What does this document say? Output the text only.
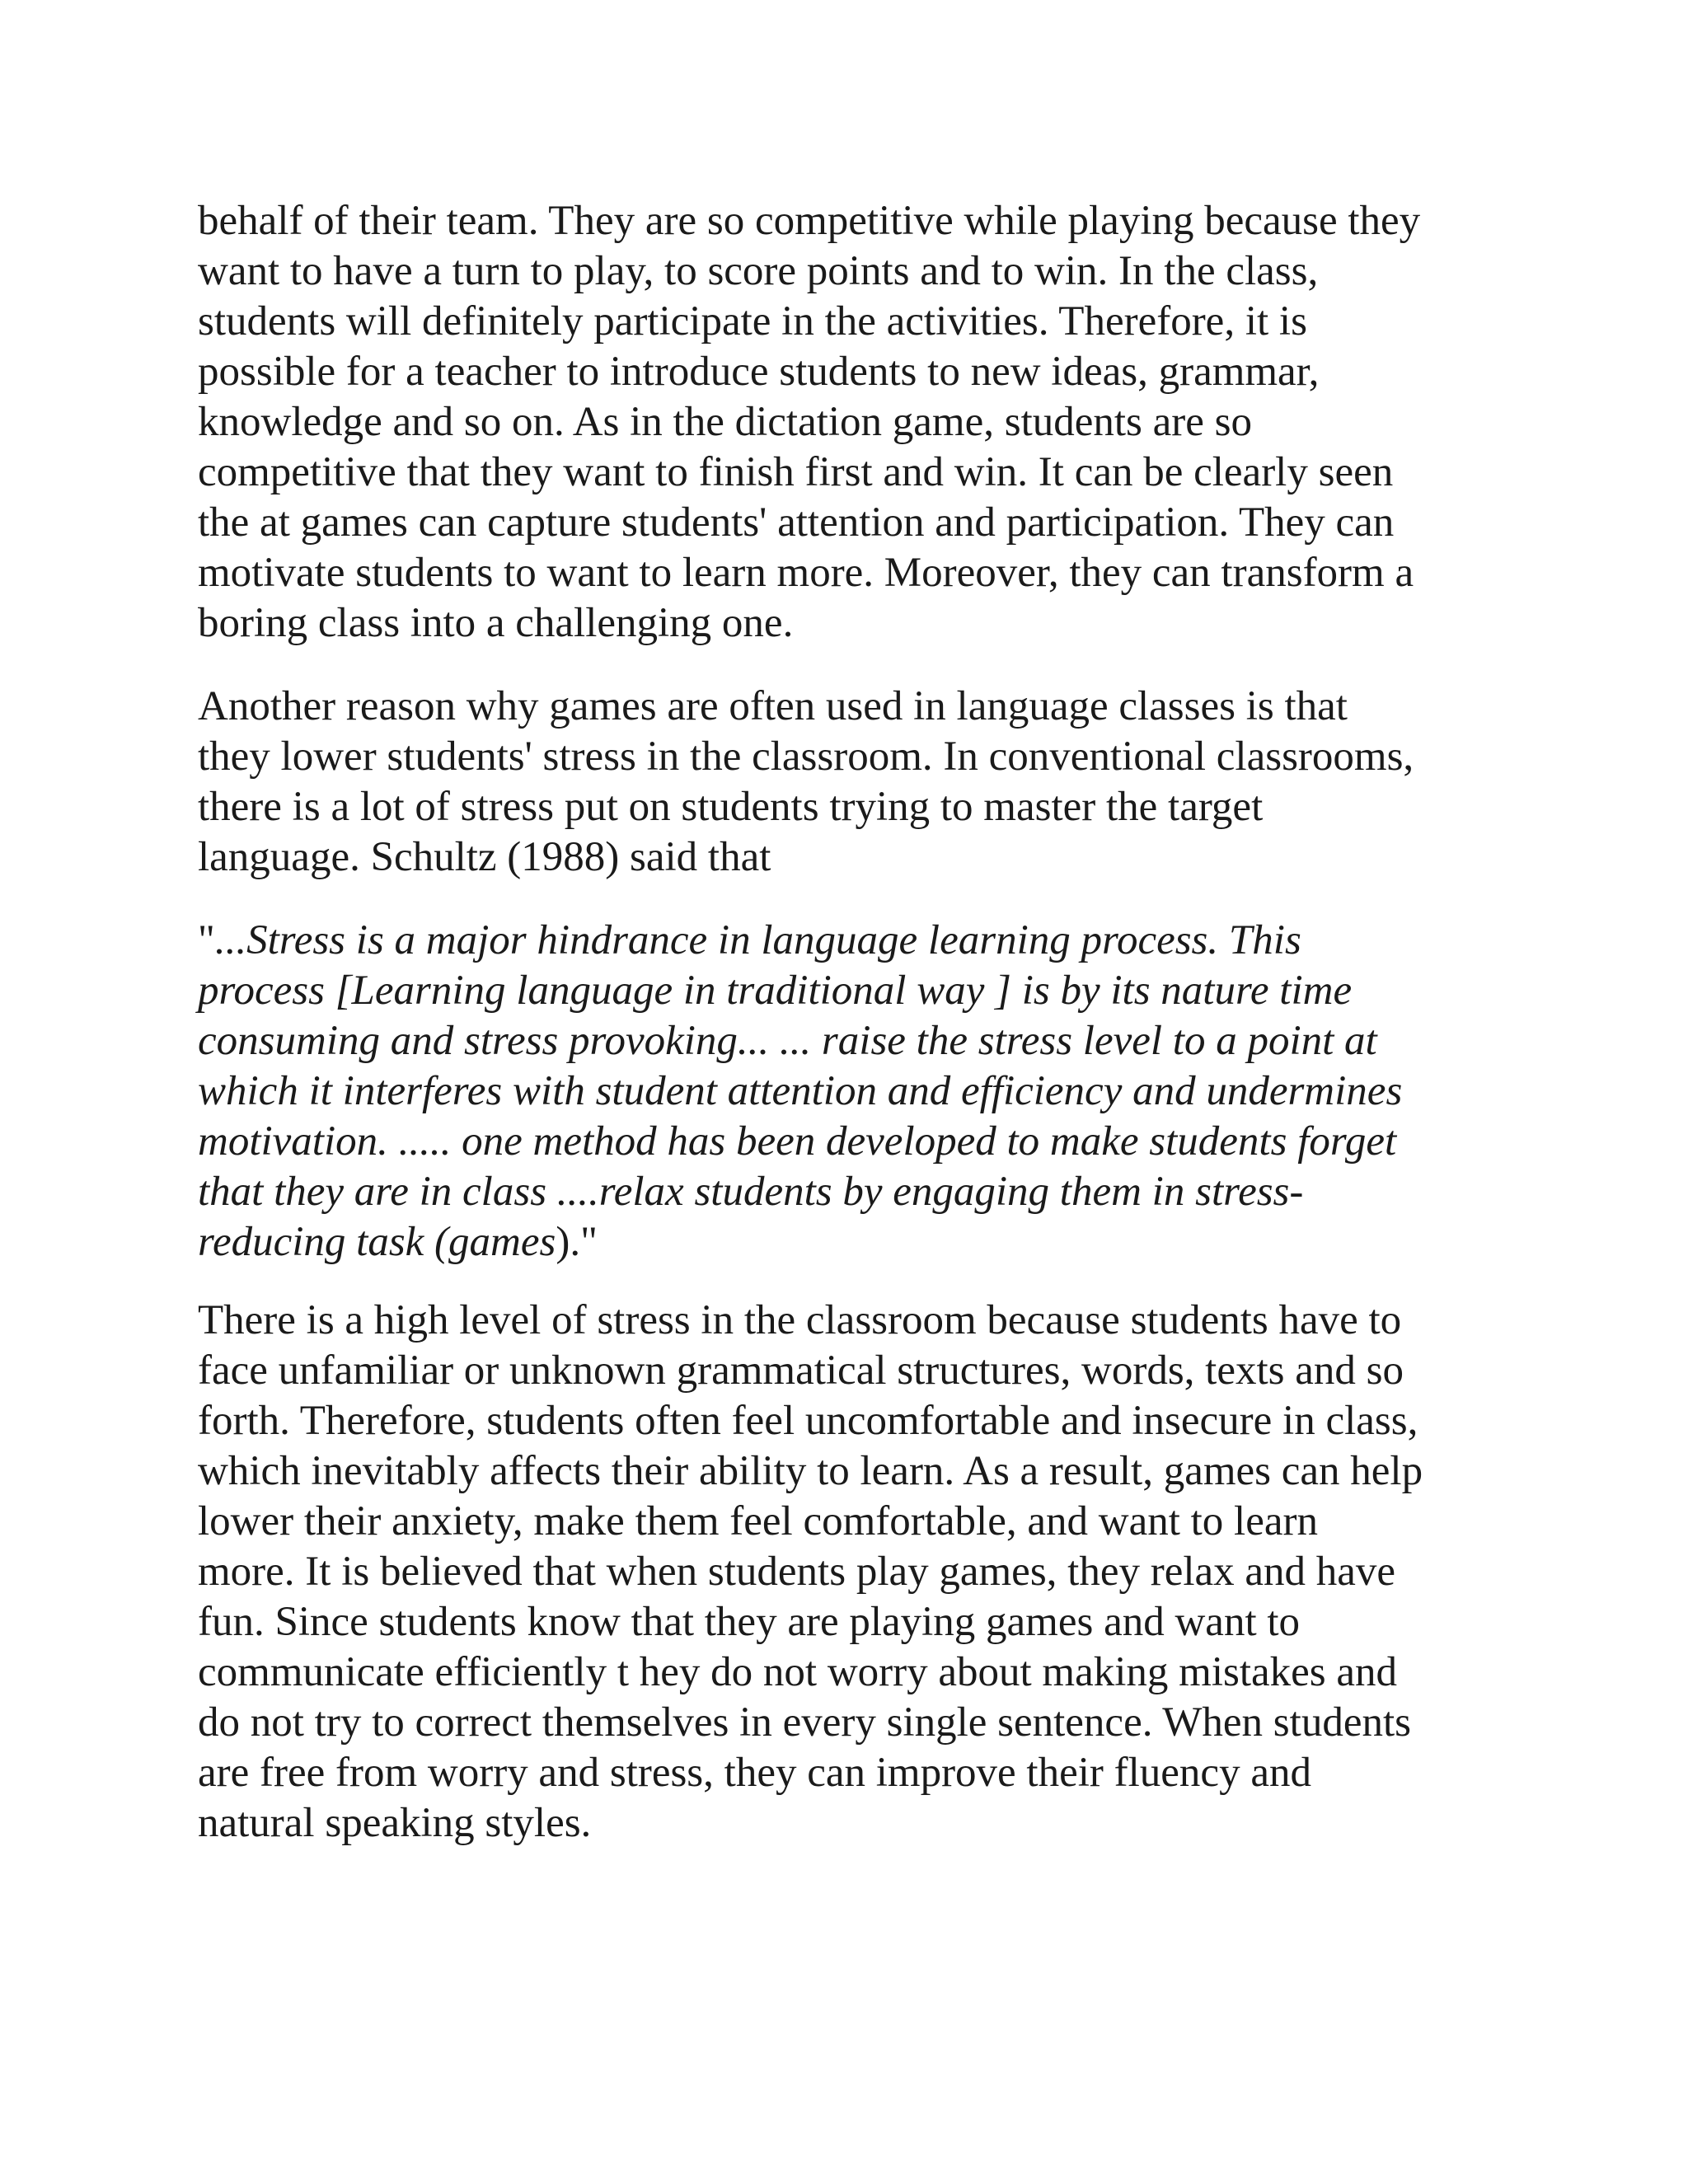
behalf of their team. They are so competitive while playing because they
want to have a turn to play, to score points and to win. In the class,
students will definitely participate in the activities. Therefore, it is
possible for a teacher to introduce students to new ideas, grammar,
knowledge and so on. As in the dictation game, students are so
competitive that they want to finish first and win. It can be clearly seen
the at games can capture students' attention and participation. They can
motivate students to want to learn more. Moreover, they can transform a
boring class into a challenging one.

Another reason why games are often used in language classes is that
they lower students' stress in the classroom. In conventional classrooms,
there is a lot of stress put on students trying to master the target
language. Schultz (1988) said that

"...Stress is a major hindrance in language learning process. This
process [Learning language in traditional way ] is by its nature time
consuming and stress provoking... ... raise the stress level to a point at
which it interferes with student attention and efficiency and undermines
motivation. ..... one method has been developed to make students forget
that they are in class ....relax students by engaging them in stress-
reducing task (games)."

There is a high level of stress in the classroom because students have to
face unfamiliar or unknown grammatical structures, words, texts and so
forth. Therefore, students often feel uncomfortable and insecure in class,
which inevitably affects their ability to learn. As a result, games can help
lower their anxiety, make them feel comfortable, and want to learn
more. It is believed that when students play games, they relax and have
fun. Since students know that they are playing games and want to
communicate efficiently t hey do not worry about making mistakes and
do not try to correct themselves in every single sentence. When students
are free from worry and stress, they can improve their fluency and
natural speaking styles.
